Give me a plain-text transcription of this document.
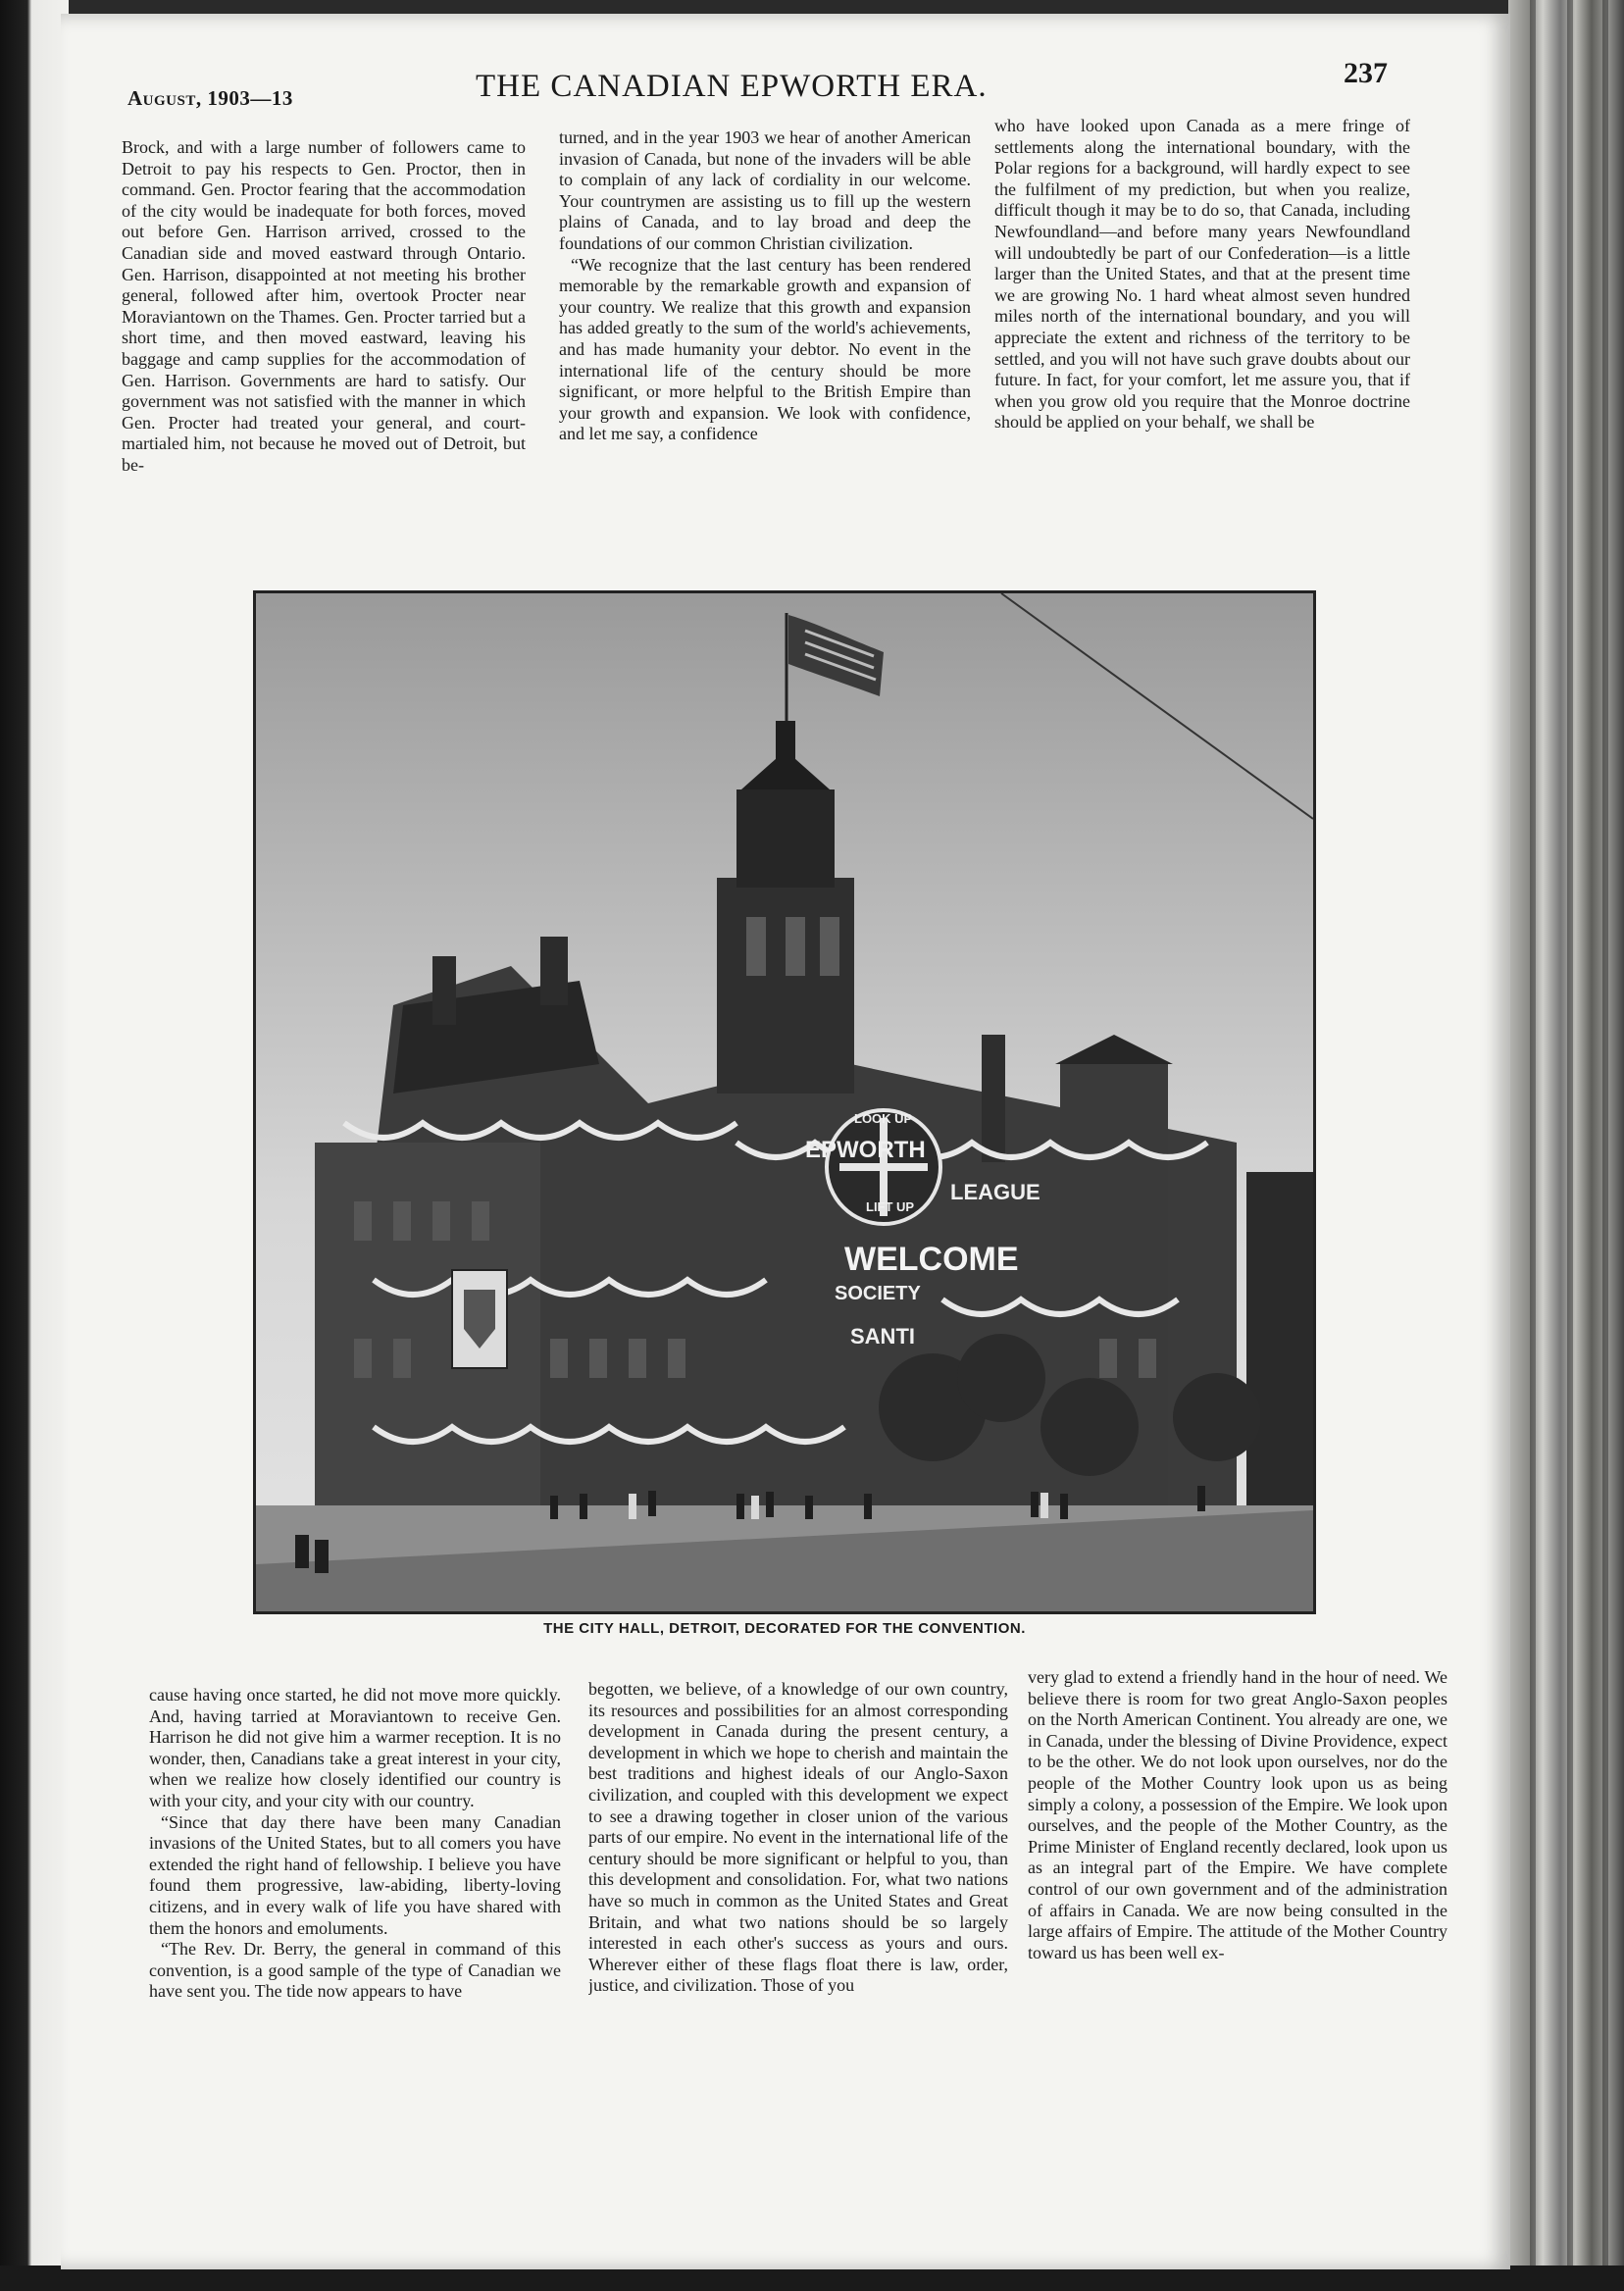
August, 1903—13	THE CANADIAN EPWORTH ERA.	237

Brock, and with a large number of followers came to Detroit to pay his respects to Gen. Proctor, then in command. Gen. Proctor fearing that the accommodation of the city would be inadequate for both forces, moved out before Gen. Harrison arrived, crossed to the Canadian side and moved eastward through Ontario. Gen. Harrison, disappointed at not meeting his brother general, followed after him, overtook Procter near Moraviantown on the Thames. Gen. Procter tarried but a short time, and then moved eastward, leaving his baggage and camp supplies for the accommodation of Gen. Harrison. Governments are hard to satisfy. Our government was not satisfied with the manner in which Gen. Procter had treated your general, and court-martialed him, not because he moved out of Detroit, but be-

turned, and in the year 1903 we hear of another American invasion of Canada, but none of the invaders will be able to complain of any lack of cordiality in our welcome. Your countrymen are assisting us to fill up the western plains of Canada, and to lay broad and deep the foundations of our common Christian civilization.

“We recognize that the last century has been rendered memorable by the remarkable growth and expansion of your country. We realize that this growth and expansion has added greatly to the sum of the world's achievements, and has made humanity your debtor. No event in the international life of the century should be more significant, or more helpful to the British Empire than your growth and expansion. We look with confidence, and let me say, a confidence

who have looked upon Canada as a mere fringe of settlements along the international boundary, with the Polar regions for a background, will hardly expect to see the fulfilment of my prediction, but when you realize, difficult though it may be to do so, that Canada, including Newfoundland—and before many years Newfoundland will undoubtedly be part of our Confederation—is a little larger than the United States, and that at the present time we are growing No. 1 hard wheat almost seven hundred miles north of the international boundary, and you will appreciate the extent and richness of the territory to be settled, and you will not have such grave doubts about our future. In fact, for your comfort, let me assure you, that if when you grow old you require that the Monroe doctrine should be applied on your behalf, we shall be

EPWORTH
LEAGUE
LOOK UP
LIFT UP
WELCOME
SOCIETY
SANTI
THE CITY HALL, DETROIT, DECORATED FOR THE CONVENTION.

cause having once started, he did not move more quickly. And, having tarried at Moraviantown to receive Gen. Harrison he did not give him a warmer reception. It is no wonder, then, Canadians take a great interest in your city, when we realize how closely identified our country is with your city, and your city with our country.

“Since that day there have been many Canadian invasions of the United States, but to all comers you have extended the right hand of fellowship. I believe you have found them progressive, law-abiding, liberty-loving citizens, and in every walk of life you have shared with them the honors and emoluments.

“The Rev. Dr. Berry, the general in command of this convention, is a good sample of the type of Canadian we have sent you. The tide now appears to have

begotten, we believe, of a knowledge of our own country, its resources and possibilities for an almost corresponding development in Canada during the present century, a development in which we hope to cherish and maintain the best traditions and highest ideals of our Anglo-Saxon civilization, and coupled with this development we expect to see a drawing together in closer union of the various parts of our empire. No event in the international life of the century should be more significant or helpful to you, than this development and consolidation. For, what two nations have so much in common as the United States and Great Britain, and what two nations should be so largely interested in each other's success as yours and ours. Wherever either of these flags float there is law, order, justice, and civilization. Those of you

very glad to extend a friendly hand in the hour of need. We believe there is room for two great Anglo-Saxon peoples on the North American Continent. You already are one, we in Canada, under the blessing of Divine Providence, expect to be the other. We do not look upon ourselves, nor do the people of the Mother Country look upon us as being simply a colony, a possession of the Empire. We look upon ourselves, and the people of the Mother Country, as the Prime Minister of England recently declared, look upon us as an integral part of the Empire. We have complete control of our own government and of the administration of affairs in Canada. We are now being consulted in the large affairs of Empire. The attitude of the Mother Country toward us has been well ex-
